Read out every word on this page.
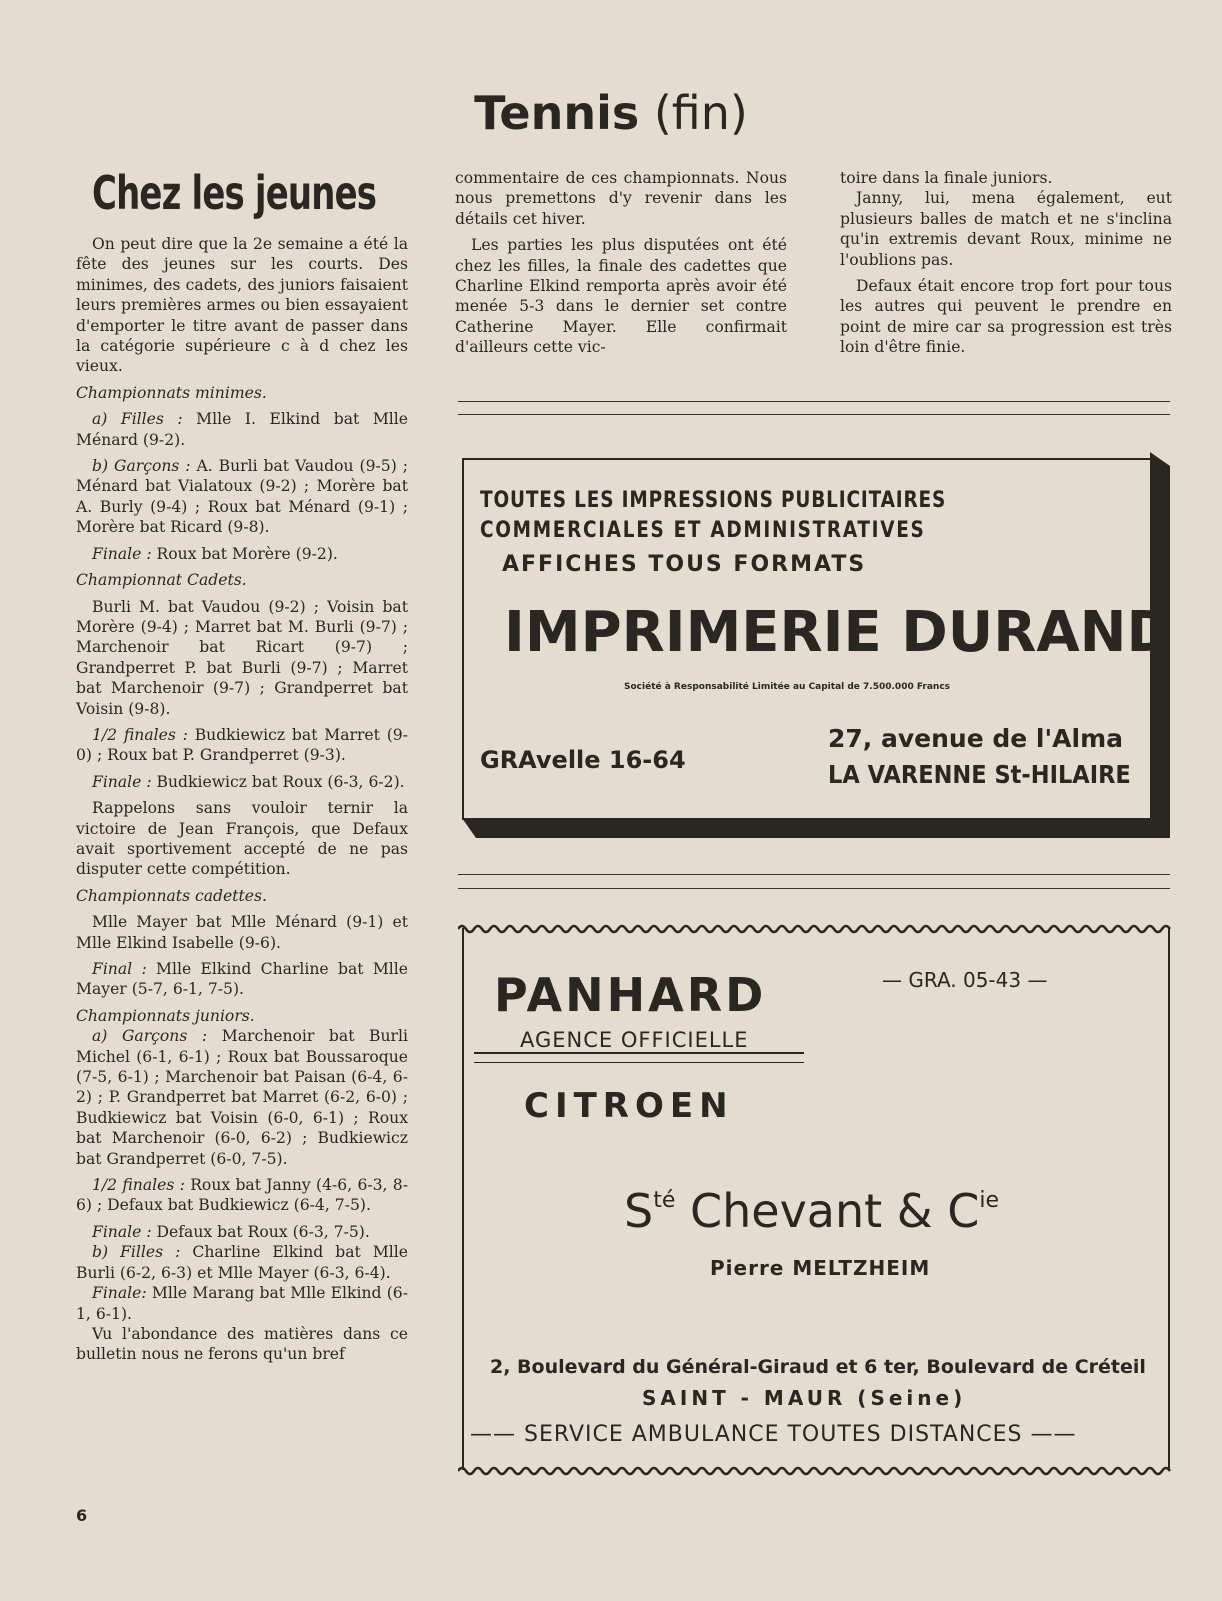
Tennis (fin)
Chez les jeunes

On peut dire que la 2e semaine a été la fête des jeunes sur les courts. Des minimes, des cadets, des juniors faisaient leurs premières armes ou bien essayaient d'emporter le titre avant de passer dans la catégorie supérieure c à d chez les vieux.

Championnats minimes.

a) Filles : Mlle I. Elkind bat Mlle Ménard (9-2).

b) Garçons : A. Burli bat Vaudou (9-5) ; Ménard bat Vialatoux (9-2) ; Morère bat A. Burly (9-4) ; Roux bat Ménard (9-1) ; Morère bat Ricard (9-8).

Finale : Roux bat Morère (9-2).

Championnat Cadets.

Burli M. bat Vaudou (9-2) ; Voisin bat Morère (9-4) ; Marret bat M. Burli (9-7) ; Marchenoir bat Ricart (9-7) ; Grandperret P. bat Burli (9-7) ; Marret bat Marchenoir (9-7) ; Grandperret bat Voisin (9-8).

1/2 finales : Budkiewicz bat Marret (9-0) ; Roux bat P. Grandperret (9-3).

Finale : Budkiewicz bat Roux (6-3, 6-2).

Rappelons sans vouloir ternir la victoire de Jean François, que Defaux avait sportivement accepté de ne pas disputer cette compétition.

Championnats cadettes.

Mlle Mayer bat Mlle Ménard (9-1) et Mlle Elkind Isabelle (9-6).

Final : Mlle Elkind Charline bat Mlle Mayer (5-7, 6-1, 7-5).

Championnats juniors.

a) Garçons : Marchenoir bat Burli Michel (6-1, 6-1) ; Roux bat Boussaroque (7-5, 6-1) ; Marchenoir bat Paisan (6-4, 6-2) ; P. Grandperret bat Marret (6-2, 6-0) ; Budkiewicz bat Voisin (6-0, 6-1) ; Roux bat Marchenoir (6-0, 6-2) ; Budkiewicz bat Grandperret (6-0, 7-5).

1/2 finales : Roux bat Janny (4-6, 6-3, 8-6) ; Defaux bat Budkiewicz (6-4, 7-5).

Finale : Defaux bat Roux (6-3, 7-5).

b) Filles : Charline Elkind bat Mlle Burli (6-2, 6-3) et Mlle Mayer (6-3, 6-4).

Finale: Mlle Marang bat Mlle Elkind (6-1, 6-1).

Vu l'abondance des matières dans ce bulletin nous ne ferons qu'un bref

commentaire de ces championnats. Nous nous premettons d'y revenir dans les détails cet hiver.

Les parties les plus disputées ont été chez les filles, la finale des cadettes que Charline Elkind remporta après avoir été menée 5-3 dans le dernier set contre Catherine Mayer. Elle confirmait d'ailleurs cette vic-

toire dans la finale juniors.

Janny, lui, mena également, eut plusieurs balles de match et ne s'inclina qu'in extremis devant Roux, minime ne l'oublions pas.

Defaux était encore trop fort pour tous les autres qui peuvent le prendre en point de mire car sa progression est très loin d'être finie.

TOUTES LES IMPRESSIONS PUBLICITAIRES
COMMERCIALES ET ADMINISTRATIVES
AFFICHES TOUS FORMATS
IMPRIMERIE DURAND
Société à Responsabilité Limitée au Capital de 7.500.000 Francs
GRAvelle 16-64
27, avenue de l'Alma
LA VARENNE St-HILAIRE
PANHARD
AGENCE OFFICIELLE
— GRA. 05-43 —
CITROEN
$S^{té}$ Chevant & $C^{ie}$
Pierre MELTZHEIM
2, Boulevard du Général-Giraud et 6 ter, Boulevard de Créteil
SAINT - MAUR (Seine)
—— SERVICE AMBULANCE TOUTES DISTANCES ——
6
